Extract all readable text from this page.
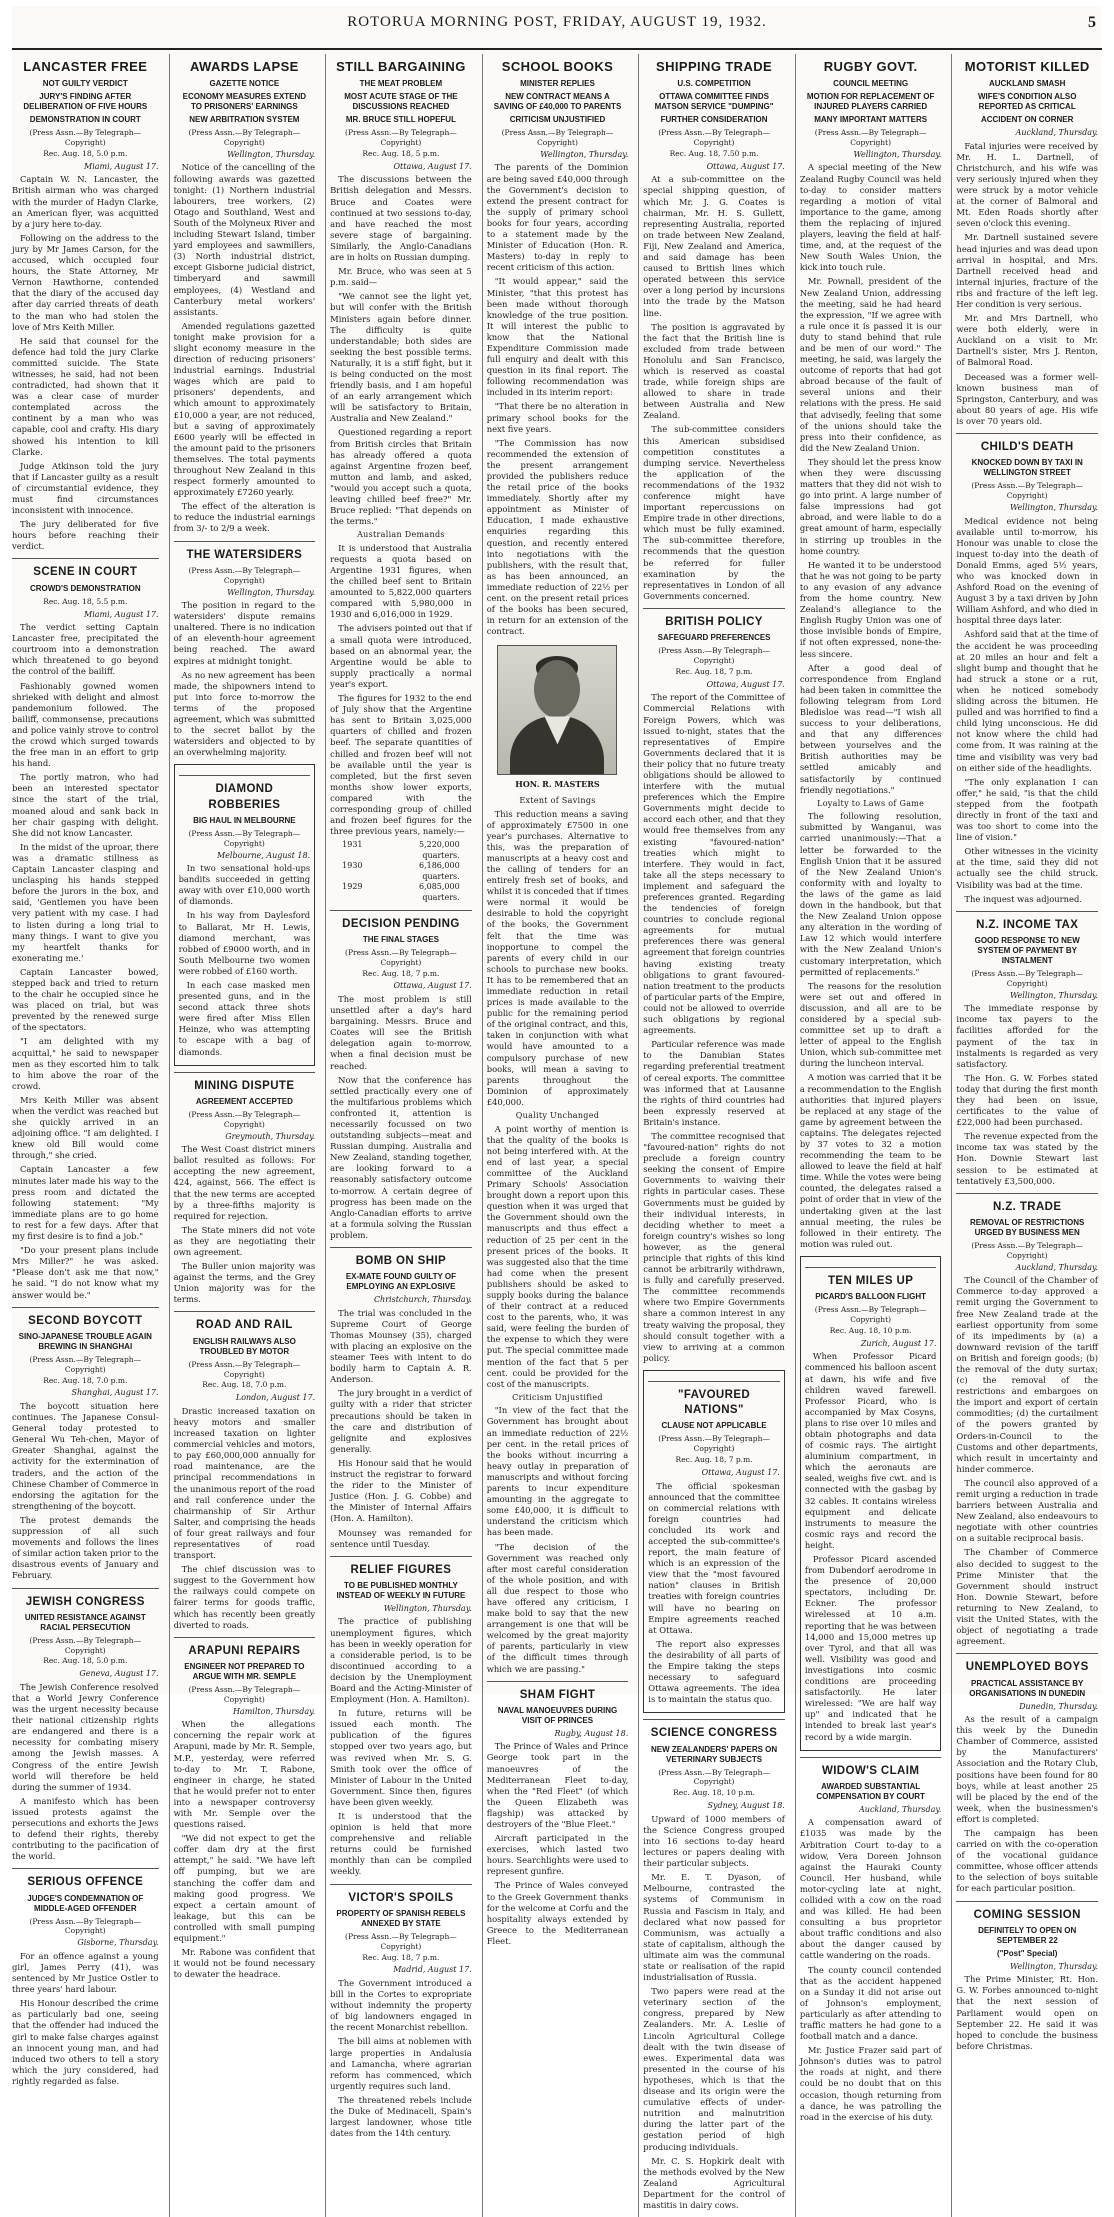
ROTORUA MORNING POST, FRIDAY, AUGUST 19, 1932.	5
LANCASTER FREE
NOT GUILTY VERDICT
JURY'S FINDING AFTER DELIBERATION OF FIVE HOURS
DEMONSTRATION IN COURT
(Press Assn.—By Telegraph—Copyright)
Rec. Aug. 18, 5.0 p.m.
Miami, August 17.

Captain W. N. Lancaster, the British airman who was charged with the murder of Hadyn Clarke, an American flyer, was acquitted by a jury here to-day.

Following on the address to the jury by Mr James Carson, for the accused, which occupied four hours, the State Attorney, Mr Vernon Hawthorne, contended that the diary of the accused day after day carried threats of death to the man who had stolen the love of Mrs Keith Miller.

He said that counsel for the defence had told the jury Clarke committed suicide. The State witnesses, he said, had not been contradicted, had shown that it was a clear case of murder contemplated across the continent by a man who was capable, cool and crafty. His diary showed his intention to kill Clarke.

Judge Atkinson told the jury that if Lancaster guilty as a result of circumstantial evidence, they must find circumstances inconsistent with innocence.

The jury deliberated for five hours before reaching their verdict.

SCENE IN COURT
CROWD'S DEMONSTRATION
Rec. Aug. 18, 5.5 p.m.
Miami, August 17.

The verdict setting Captain Lancaster free, precipitated the courtroom into a demonstration which threatened to go beyond the control of the bailiff.

Fashionably gowned women shrieked with delight and almost pandemonium followed. The bailiff, commonsense, precautions and police vainly strove to control the crowd which surged towards the free man in an effort to grip his hand.

The portly matron, who had been an interested spectator since the start of the trial, moaned aloud and sank back in her chair gasping with delight. She did not know Lancaster.

In the midst of the uproar, there was a dramatic stillness as Captain Lancaster clasping and unclasping his hands stepped before the jurors in the box, and said, 'Gentlemen you have been very patient with my case. I had to listen during a long trial to many things. I want to give you my heartfelt thanks for exonerating me.'

Captain Lancaster bowed, stepped back and tried to return to the chair he occupied since he was placed on trial, but was prevented by the renewed surge of the spectators.

"I am delighted with my acquittal," he said to newspaper men as they escorted him to talk to him above the roar of the crowd.

Mrs Keith Miller was absent when the verdict was reached but she quickly arrived in an adjoining office. "I am delighted. I knew old Bill would come through," she cried.

Captain Lancaster a few minutes later made his way to the press room and dictated the following statement: "My immediate plans are to go home to rest for a few days. After that my first desire is to find a job."

"Do your present plans include Mrs Miller?" he was asked. "Please don't ask me that now," he said. "I do not know what my answer would be."

SECOND BOYCOTT
SINO-JAPANESE TROUBLE AGAIN BREWING IN SHANGHAI
(Press Assn.—By Telegraph—Copyright)
Rec. Aug. 18, 7.0 p.m.
Shanghai, August 17.

The boycott situation here continues. The Japanese Consul-General today protested to General Wu Teh-chen, Mayor of Greater Shanghai, against the activity for the extermination of traders, and the action of the Chinese Chamber of Commerce in endorsing the agitation for the strengthening of the boycott.

The protest demands the suppression of all such movements and follows the lines of similar action taken prior to the disastrous events of January and February.

JEWISH CONGRESS
UNITED RESISTANCE AGAINST RACIAL PERSECUTION
(Press Assn.—By Telegraph—Copyright)
Rec. Aug. 18, 5.0 p.m.
Geneva, August 17.

The Jewish Conference resolved that a World Jewry Conference was the urgent necessity because their national citizenship rights are endangered and there is a necessity for combating misery among the Jewish masses. A Congress of the entire Jewish world will therefore be held during the summer of 1934.

A manifesto which has been issued protests against the persecutions and exhorts the Jews to defend their rights, thereby contributing to the pacification of the world.

SERIOUS OFFENCE
JUDGE'S CONDEMNATION OF MIDDLE-AGED OFFENDER
(Press Assn.—By Telegraph—Copyright)
Gisborne, Thursday.

For an offence against a young girl, James Perry (41), was sentenced by Mr Justice Ostler to three years' hard labour.

His Honour described the crime as particularly bad one, seeing that the offender had induced the girl to make false charges against an innocent young man, and had induced two others to tell a story which the jury considered, had rightly regarded as false.

AWARDS LAPSE
GAZETTE NOTICE
ECONOMY MEASURES EXTEND TO PRISONERS' EARNINGS
NEW ARBITRATION SYSTEM
(Press Assn.—By Telegraph—Copyright)
Wellington, Thursday.

Notice of the cancelling of the following awards was gazetted tonight: (1) Northern industrial labourers, tree workers, (2) Otago and Southland, West and South of the Molyneux River and including Stewart Island, timber yard employees and sawmillers, (3) North industrial district, except Gisborne judicial district, timberyard and sawmill employees, (4) Westland and Canterbury metal workers' assistants.

Amended regulations gazetted tonight make provision for a slight economy measure in the direction of reducing prisoners' industrial earnings. Industrial wages which are paid to prisoners' dependents, and which amount to approximately £10,000 a year, are not reduced, but a saving of approximately £600 yearly will be effected in the amount paid to the prisoners themselves. The total payments throughout New Zealand in this respect formerly amounted to approximately £7260 yearly.

The effect of the alteration is to reduce the industrial earnings from 3/- to 2/9 a week.

THE WATERSIDERS
(Press Assn.—By Telegraph—Copyright)
Wellington, Thursday.

The position in regard to the watersiders' dispute remains unaltered. There is no indication of an eleventh-hour agreement being reached. The award expires at midnight tonight.

As no new agreement has been made, the shipowners intend to put into force to-morrow the terms of the proposed agreement, which was submitted to the secret ballot by the watersiders and objected to by an overwhelming majority.

DIAMOND ROBBERIES
BIG HAUL IN MELBOURNE
(Press Assn.—By Telegraph—Copyright)
Melbourne, August 18.

In two sensational hold-ups bandits succeeded in getting away with over £10,000 worth of diamonds.

In his way from Daylesford to Ballarat, Mr H. Lewis, diamond merchant, was robbed of £9000 worth, and in South Melbourne two women were robbed of £160 worth.

In each case masked men presented guns, and in the second attack three shots were fired after Miss Ellen Heinze, who was attempting to escape with a bag of diamonds.

MINING DISPUTE
AGREEMENT ACCEPTED
(Press Assn.—By Telegraph—Copyright)
Greymouth, Thursday.

The West Coast district miners ballot resulted as follows: For accepting the new agreement, 424, against, 566. The effect is that the new terms are accepted by a three-fifths majority is required for rejection.

The State miners did not vote as they are negotiating their own agreement.

The Buller union majority was against the terms, and the Grey Union majority was for the terms.

ROAD AND RAIL
ENGLISH RAILWAYS ALSO TROUBLED BY MOTOR
(Press Assn.—By Telegraph—Copyright)
Rec. Aug. 18, 7.0 p.m.
London, August 17.

Drastic increased taxation on heavy motors and smaller increased taxation on lighter commercial vehicles and motors, to pay £60,000,000 annually for road maintenance, are the principal recommendations in the unanimous report of the road and rail conference under the chairmanship of Sir Arthur Salter, and comprising the heads of four great railways and four representatives of road transport.

The chief discussion was to suggest to the Government how the railways could compete on fairer terms for goods traffic, which has recently been greatly diverted to roads.

ARAPUNI REPAIRS
ENGINEER NOT PREPARED TO ARGUE WITH MR. SEMPLE
(Press Assn.—By Telegraph—Copyright)
Hamilton, Thursday.

When the allegations concerning the repair work at Arapuni, made by Mr. R. Semple, M.P., yesterday, were referred to-day to Mr. T. Rabone, engineer in charge, he stated that he would prefer not to enter into a newspaper controversy with Mr. Semple over the questions raised.

"We did not expect to get the coffer dam dry at the first attempt," he said. "We have left off pumping, but we are stanching the coffer dam and making good progress. We expect a certain amount of leakage, but this can be controlled with small pumping equipment."

Mr. Rabone was confident that it would not be found necessary to dewater the headrace.

STILL BARGAINING
THE MEAT PROBLEM
MOST ACUTE STAGE OF THE DISCUSSIONS REACHED
MR. BRUCE STILL HOPEFUL
(Press Assn.—By Telegraph—Copyright)
Rec. Aug. 18, 5 p.m.
Ottawa, August 17.

The discussions between the British delegation and Messrs. Bruce and Coates were continued at two sessions to-day, and have reached the most severe stage of bargaining. Similarly, the Anglo-Canadians are in holts on Russian dumping.

Mr. Bruce, who was seen at 5 p.m. said—

"We cannot see the light yet, but will confer with the British Ministers again before dinner. The difficulty is quite understandable; both sides are seeking the best possible terms. Naturally, it is a stiff fight, but it is being conducted on the most friendly basis, and I am hopeful of an early arrangement which will be satisfactory to Britain, Australia and New Zealand."

Questioned regarding a report from British circles that Britain has already offered a quota against Argentine frozen beef, mutton and lamb, and asked, "would you accept such a quota, leaving chilled beef free?" Mr. Bruce replied: "That depends on the terms."

Australian Demands

It is understood that Australia requests a quota based on Argentine 1931 figures, when the chilled beef sent to Britain amounted to 5,822,000 quarters compared with 5,980,000 in 1930 and 6,016,000 in 1929.

The advisers pointed out that if a small quota were introduced, based on an abnormal year, the Argentine would be able to supply practically a normal year's export.

The figures for 1932 to the end of July show that the Argentine has sent to Britain 3,025,000 quarters of chilled and frozen beef. The separate quantities of chilled and frozen beef will not be available until the year is completed, but the first seven months show lower exports, compared with the corresponding group of chilled and frozen beef figures for the three previous years, namely:—

1931	5,220,000 quarters.
1930	6,186,000 quarters.
1929	6,085,000 quarters.
DECISION PENDING
THE FINAL STAGES
(Press Assn.—By Telegraph—Copyright)
Rec. Aug. 18, 7 p.m.
Ottawa, August 17.

The most problem is still unsettled after a day's hard bargaining. Messrs. Bruce and Coates will see the British delegation again to-morrow, when a final decision must be reached.

Now that the conference has settled practically every one of the multifarious problems which confronted it, attention is necessarily focussed on two outstanding subjects—meat and Russian dumping. Australia and New Zealand, standing together, are looking forward to a reasonably satisfactory outcome to-morrow. A certain degree of progress has been made on the Anglo-Canadian efforts to arrive at a formula solving the Russian problem.

BOMB ON SHIP
EX-MATE FOUND GUILTY OF EMPLOYING AN EXPLOSIVE
Christchurch, Thursday.

The trial was concluded in the Supreme Court of George Thomas Mounsey (35), charged with placing an explosive on the steamer Tees with intent to do bodily harm to Captain A. R. Anderson.

The jury brought in a verdict of guilty with a rider that stricter precautions should be taken in the care and distribution of gelignite and explosives generally.

His Honour said that he would instruct the registrar to forward the rider to the Minister of Justice (Hon. J. G. Cobbe) and the Minister of Internal Affairs (Hon. A. Hamilton).

Mounsey was remanded for sentence until Tuesday.

RELIEF FIGURES
TO BE PUBLISHED MONTHLY INSTEAD OF WEEKLY IN FUTURE
Wellington, Thursday.

The practice of publishing unemployment figures, which has been in weekly operation for a considerable period, is to be discontinued according to a decision by the Unemployment Board and the Acting-Minister of Employment (Hon. A. Hamilton).

In future, returns will be issued each month. The publication of the figures stopped over two years ago, but was revived when Mr. S. G. Smith took over the office of Minister of Labour in the United Government. Since then, figures have been given weekly.

It is understood that the opinion is held that more comprehensive and reliable returns could be furnished monthly than can be compiled weekly.

VICTOR'S SPOILS
PROPERTY OF SPANISH REBELS ANNEXED BY STATE
(Press Assn.—By Telegraph—Copyright)
Rec. Aug. 18, 7 p.m.
Madrid, August 17.

The Government introduced a bill in the Cortes to expropriate without indemnity the property of big landowners engaged in the recent Monarchist rebellion.

The bill aims at noblemen with large properties in Andalusia and Lamancha, where agrarian reform has commenced, which urgently requires such land.

The threatened rebels include the Duke of Medinaceli, Spain's largest landowner, whose title dates from the 14th century.

SCHOOL BOOKS
MINISTER REPLIES
NEW CONTRACT MEANS A SAVING OF £40,000 TO PARENTS
CRITICISM UNJUSTIFIED
(Press Assn.—By Telegraph—Copyright)
Wellington, Thursday.

The parents of the Dominion are being saved £40,000 through the Government's decision to extend the present contract for the supply of primary school books for four years, according to a statement made by the Minister of Education (Hon. R. Masters) to-day in reply to recent criticism of this action.

"It would appear," said the Minister, "that this protest has been made without thorough knowledge of the true position. It will interest the public to know that the National Expenditure Commission made full enquiry and dealt with this question in its final report. The following recommendation was included in its interim report:

"That there be no alteration in primary school books for the next five years.

"The Commission has now recommended the extension of the present arrangement provided the publishers reduce the retail price of the books immediately. Shortly after my appointment as Minister of Education, I made exhaustive enquiries regarding this question, and recently entered into negotiations with the publishers, with the result that, as has been announced, an immediate reduction of 22½ per cent. on the present retail prices of the books has been secured, in return for an extension of the contract.

HON. R. MASTERS
Extent of Savings

This reduction means a saving of approximately £7500 in one year's purchases. Alternative to this, was the preparation of manuscripts at a heavy cost and the calling of tenders for an entirely fresh set of books, and whilst it is conceded that if times were normal it would be desirable to hold the copyright of the books, the Government felt that the time was inopportune to compel the parents of every child in our schools to purchase new books. It has to be remembered that an immediate reduction in retail prices is made available to the public for the remaining period of the original contract, and this, taken in conjunction with what would have amounted to a compulsory purchase of new books, will mean a saving to parents throughout the Dominion of approximately £40,000.

Quality Unchanged

A point worthy of mention is that the quality of the books is not being interfered with. At the end of last year, a special committee of the Auckland Primary Schools' Association brought down a report upon this question when it was urged that the Government should own the manuscripts and thus effect a reduction of 25 per cent in the present prices of the books. It was suggested also that the time had come when the present publishers should be asked to supply books during the balance of their contract at a reduced cost to the parents, who, it was said, were feeling the burden of the expense to which they were put. The special committee made mention of the fact that 5 per cent. could be provided for the cost of the manuscripts.

Criticism Unjustified

"In view of the fact that the Government has brought about an immediate reduction of 22½ per cent. in the retail prices of the books without incurring a heavy outlay in preparation of manuscripts and without forcing parents to incur expenditure amounting in the aggregate to some £40,000, it is difficult to understand the criticism which has been made.

"The decision of the Government was reached only after most careful consideration of the whole position, and with all due respect to those who have offered any criticism, I make bold to say that the new arrangement is one that will be welcomed by the great majority of parents, particularly in view of the difficult times through which we are passing."

SHAM FIGHT
NAVAL MANOEUVRES DURING VISIT OF PRINCES
Rugby, August 18.

The Prince of Wales and Prince George took part in the manoeuvres of the Mediterranean Fleet to-day, when the "Red Fleet" (of which the Queen Elizabeth was flagship) was attacked by destroyers of the "Blue Fleet."

Aircraft participated in the exercises, which lasted two hours. Searchlights were used to represent gunfire.

The Prince of Wales conveyed to the Greek Government thanks for the welcome at Corfu and the hospitality always extended by Greece to the Mediterranean Fleet.

SHIPPING TRADE
U.S. COMPETITION
OTTAWA COMMITTEE FINDS MATSON SERVICE "DUMPING"
FURTHER CONSIDERATION
(Press Assn.—By Telegraph—Copyright)
Rec. Aug. 18, 7.50 p.m.
Ottawa, August 17.

At a sub-committee on the special shipping question, of which Mr. J. G. Coates is chairman, Mr. H. S. Gullett, representing Australia, reported on trade between New Zealand, Fiji, New Zealand and America, and said damage has been caused to British lines which operated between this service over a long period by incursions into the trade by the Matson line.

The position is aggravated by the fact that the British line is excluded from trade between Honolulu and San Francisco, which is reserved as coastal trade, while foreign ships are allowed to share in trade between Australia and New Zealand.

The sub-committee considers this American subsidised competition constitutes a dumping service. Nevertheless the application of the recommendations of the 1932 conference might have important repercussions on Empire trade in other directions, which must be fully examined. The sub-committee therefore, recommends that the question be referred for fuller examination by the representatives in London of all Governments concerned.

BRITISH POLICY
SAFEGUARD PREFERENCES
(Press Assn.—By Telegraph—Copyright)
Rec. Aug. 18, 7 p.m.
Ottawa, August 17.

The report of the Committee of Commercial Relations with Foreign Powers, which was issued to-night, states that the representatives of Empire Governments declared that it is their policy that no future treaty obligations should be allowed to interfere with the mutual preferences which the Empire Governments might decide to accord each other, and that they would free themselves from any existing "favoured-nation" treaties which might to interfere. They would in fact, take all the steps necessary to implement and safeguard the preferences granted. Regarding the tendencies of foreign countries to conclude regional agreements for mutual preferences there was general agreement that foreign countries having existing treaty obligations to grant favoured-nation treatment to the products of particular parts of the Empire, could not be allowed to override such obligations by regional agreements.

Particular reference was made to the Danubian States regarding preferential treatment of cereal exports. The committee was informed that at Lausanne the rights of third countries had been expressly reserved at Britain's instance.

The committee recognised that "favoured-nation" rights do not preclude a foreign country seeking the consent of Empire Governments to waiving their rights in particular cases. These Governments must be guided by their individual interests, in deciding whether to meet a foreign country's wishes so long however, as the general principle that rights of this kind cannot be arbitrarily withdrawn, is fully and carefully preserved. The committee recommends where two Empire Governments share a common interest in any treaty waiving the proposal, they should consult together with a view to arriving at a common policy.

"FAVOURED NATIONS"
CLAUSE NOT APPLICABLE
(Press Assn.—By Telegraph—Copyright)
Rec. Aug. 18, 7 p.m.
Ottawa, August 17.

The official spokesman announced that the committee on commercial relations with foreign countries had concluded its work and accepted the sub-committee's report, the main feature of which is an expression of the view that the "most favoured nation" clauses in British treaties with foreign countries will have no bearing on Empire agreements reached at Ottawa.

The report also expresses the desirability of all parts of the Empire taking the steps necessary to safeguard Ottawa agreements. The idea is to maintain the status quo.

SCIENCE CONGRESS
NEW ZEALANDERS' PAPERS ON VETERINARY SUBJECTS
(Press Assn.—By Telegraph—Copyright)
Rec. Aug. 18, 10 p.m.
Sydney, August 18.

Upward of 1000 members of the Science Congress grouped into 16 sections to-day heard lectures or papers dealing with their particular subjects.

Mr. E. T. Dyason, of Melbourne, contrasted the systems of Communism in Russia and Fascism in Italy, and declared what now passed for Communism, was actually a state of capitalism, although the ultimate aim was the communal state or realisation of the rapid industrialisation of Russia.

Two papers were read at the veterinary section of the congress, prepared by New Zealanders. Mr. A. Leslie of Lincoln Agricultural College dealt with the twin disease of ewes. Experimental data was presented in the course of his hypotheses, which is that the disease and its origin were the cumulative effects of under-nutrition and malnutrition during the latter part of the gestation period of high producing individuals.

Mr. C. S. Hopkirk dealt with the methods evolved by the New Zealand Agricultural Department for the control of mastitis in dairy cows.

RUGBY GOVT.
COUNCIL MEETING
MOTION FOR REPLACEMENT OF INJURED PLAYERS CARRIED
MANY IMPORTANT MATTERS
(Press Assn.—By Telegraph—Copyright)
Wellington, Thursday.

A special meeting of the New Zealand Rugby Council was held to-day to consider matters regarding a motion of vital importance to the game, among them the replacing of injured players, leaving the field at half-time, and, at the request of the New South Wales Union, the kick into touch rule.

Mr. Pownall, president of the New Zealand Union, addressing the meeting, said he had heard the expression, "If we agree with a rule once it is passed it is our duty to stand behind that rule and be men of our word." The meeting, he said, was largely the outcome of reports that had got abroad because of the fault of several unions and their relations with the press. He said that advisedly, feeling that some of the unions should take the press into their confidence, as did the New Zealand Union.

They should let the press know when they were discussing matters that they did not wish to go into print. A large number of false impressions had got abroad, and were liable to do a great amount of harm, especially in stirring up troubles in the home country.

He wanted it to be understood that he was not going to be party to any evasion of any advance from the home country. New Zealand's allegiance to the English Rugby Union was one of those invisible bonds of Empire, if not often expressed, none-the-less sincere.

After a good deal of correspondence from England had been taken in committee the following telegram from Lord Bledisloe was read—"I wish all success to your deliberations, and that any differences between yourselves and the British authorities may be settled amicably and satisfactorily by continued friendly negotiations."

Loyalty to Laws of Game

The following resolution, submitted by Wanganui, was carried unanimously:—That a letter be forwarded to the English Union that it be assured of the New Zealand Union's conformity with and loyalty to the laws of the game as laid down in the handbook, but that the New Zealand Union oppose any alteration in the wording of Law 12 which would interfere with the New Zealand Union's customary interpretation, which permitted of replacements."

The reasons for the resolution were set out and offered in discussion, and all are to be considered by a special sub-committee set up to draft a letter of appeal to the English Union, which sub-committee met during the luncheon interval.

A motion was carried that it be a recommendation to the English authorities that injured players be replaced at any stage of the game by agreement between the captains. The delegates rejected by 37 votes to 32 a motion recommending the team to be allowed to leave the field at half time. While the votes were being counted, the delegates raised a point of order that in view of the undertaking given at the last annual meeting, the rules be followed in their entirety. The motion was ruled out.

TEN MILES UP
PICARD'S BALLOON FLIGHT
(Press Assn.—By Telegraph—Copyright)
Rec. Aug. 18, 10 p.m.
Zurich, August 17.

When Professor Picard commenced his balloon ascent at dawn, his wife and five children waved farewell. Professor Picard, who is accompanied by Max Cosyns, plans to rise over 10 miles and obtain photographs and data of cosmic rays. The airtight aluminium compartment, in which the aeronauts are sealed, weighs five cwt. and is connected with the gasbag by 32 cables. It contains wireless equipment and delicate instruments to measure the cosmic rays and record the height.

Professor Picard ascended from Dubendorf aerodrome in the presence of 20,000 spectators, including Dr. Eckner. The professor wirelessed at 10 a.m. reporting that he was between 14,000 and 15,000 metres up over Tyrol, and that all was well. Visibility was good and investigations into cosmic conditions are proceeding satisfactorily. He later wirelessed: "We are half way up" and indicated that he intended to break last year's record by a wide margin.

WIDOW'S CLAIM
AWARDED SUBSTANTIAL COMPENSATION BY COURT
Auckland, Thursday.

A compensation award of £1035 was made by the Arbitration Court to-day to a widow, Vera Doreen Johnson against the Hauraki County Council. Her husband, while motor-cycling late at night, collided with a cow on the road and was killed. He had been consulting a bus proprietor about traffic conditions and also about the danger caused by cattle wandering on the roads.

The county council contended that as the accident happened on a Sunday it did not arise out of Johnson's employment, particularly as after attending to traffic matters he had gone to a football match and a dance.

Mr. Justice Frazer said part of Johnson's duties was to patrol the roads at night, and there could be no doubt that on this occasion, though returning from a dance, he was patrolling the road in the exercise of his duty.

MOTORIST KILLED
AUCKLAND SMASH
WIFE'S CONDITION ALSO REPORTED AS CRITICAL
ACCIDENT ON CORNER
Auckland, Thursday.

Fatal injuries were received by Mr. H. L. Dartnell, of Christchurch, and his wife was very seriously injured when they were struck by a motor vehicle at the corner of Balmoral and Mt. Eden Roads shortly after seven o'clock this evening.

Mr. Dartnell sustained severe head injuries and was dead upon arrival in hospital, and Mrs. Dartnell received head and internal injuries, fracture of the ribs and fracture of the left leg. Her condition is very serious.

Mr. and Mrs Dartnell, who were both elderly, were in Auckland on a visit to Mr. Dartnell's sister, Mrs J. Renton, of Balmoral Road.

Deceased was a former well-known business man of Springston, Canterbury, and was about 80 years of age. His wife is over 70 years old.

CHILD'S DEATH
KNOCKED DOWN BY TAXI IN WELLINGTON STREET
(Press Assn.—By Telegraph—Copyright)
Wellington, Thursday.

Medical evidence not being available until to-morrow, his Honour was unable to close the inquest to-day into the death of Donald Emms, aged 5½ years, who was knocked down in Ashford Road on the evening of August 3 by a taxi driven by John William Ashford, and who died in hospital three days later.

Ashford said that at the time of the accident he was proceeding at 20 miles an hour and felt a slight bump and thought that he had struck a stone or a rut, when he noticed somebody sliding across the bitumen. He pulled and was horrified to find a child lying unconscious. He did not know where the child had come from. It was raining at the time and visibility was very bad on either side of the headlights.

"The only explanation I can offer," he said, "is that the child stepped from the footpath directly in front of the taxi and was too short to come into the line of vision."

Other witnesses in the vicinity at the time, said they did not actually see the child struck. Visibility was bad at the time.

The inquest was adjourned.

N.Z. INCOME TAX
GOOD RESPONSE TO NEW SYSTEM OF PAYMENT BY INSTALMENT
(Press Assn.—By Telegraph—Copyright)
Wellington, Thursday.

The immediate response by income tax payers to the facilities afforded for the payment of the tax in instalments is regarded as very satisfactory.

The Hon. G. W. Forbes stated today that during the first month they had been on issue, certificates to the value of £22,000 had been purchased.

The revenue expected from the income tax was stated by the Hon. Downie Stewart last session to be estimated at tentatively £3,500,000.

N.Z. TRADE
REMOVAL OF RESTRICTIONS URGED BY BUSINESS MEN
(Press Assn.—By Telegraph—Copyright)
Auckland, Thursday.

The Council of the Chamber of Commerce to-day approved a remit urging the Government to free New Zealand trade at the earliest opportunity from some of its impediments by (a) a downward revision of the tariff on British and foreign goods; (b) the removal of the duty surtax; (c) the removal of the restrictions and embargoes on the import and export of certain commodities; (d) the curtailment of the powers granted by Orders-in-Council to the Customs and other departments, which result in uncertainty and hinder commerce.

The council also approved of a remit urging a reduction in trade barriers between Australia and New Zealand, also endeavours to negotiate with other countries on a suitable reciprocal basis.

The Chamber of Commerce also decided to suggest to the Prime Minister that the Government should instruct Hon. Downie Stewart, before returning to New Zealand, to visit the United States, with the object of negotiating a trade agreement.

UNEMPLOYED BOYS
PRACTICAL ASSISTANCE BY ORGANISATIONS IN DUNEDIN
Dunedin, Thursday.

As the result of a campaign this week by the Dunedin Chamber of Commerce, assisted by the Manufacturers' Association and the Rotary Club, positions have been found for 80 boys, while at least another 25 will be placed by the end of the week, when the businessmen's effort is completed.

The campaign has been carried on with the co-operation of the vocational guidance committee, whose officer attends to the selection of boys suitable for each particular position.

COMING SESSION
DEFINITELY TO OPEN ON SEPTEMBER 22
("Post" Special)
Wellington, Thursday.

The Prime Minister, Rt. Hon. G. W. Forbes announced to-night that the next session of Parliament would open on September 22. He said it was hoped to conclude the business before Christmas.
